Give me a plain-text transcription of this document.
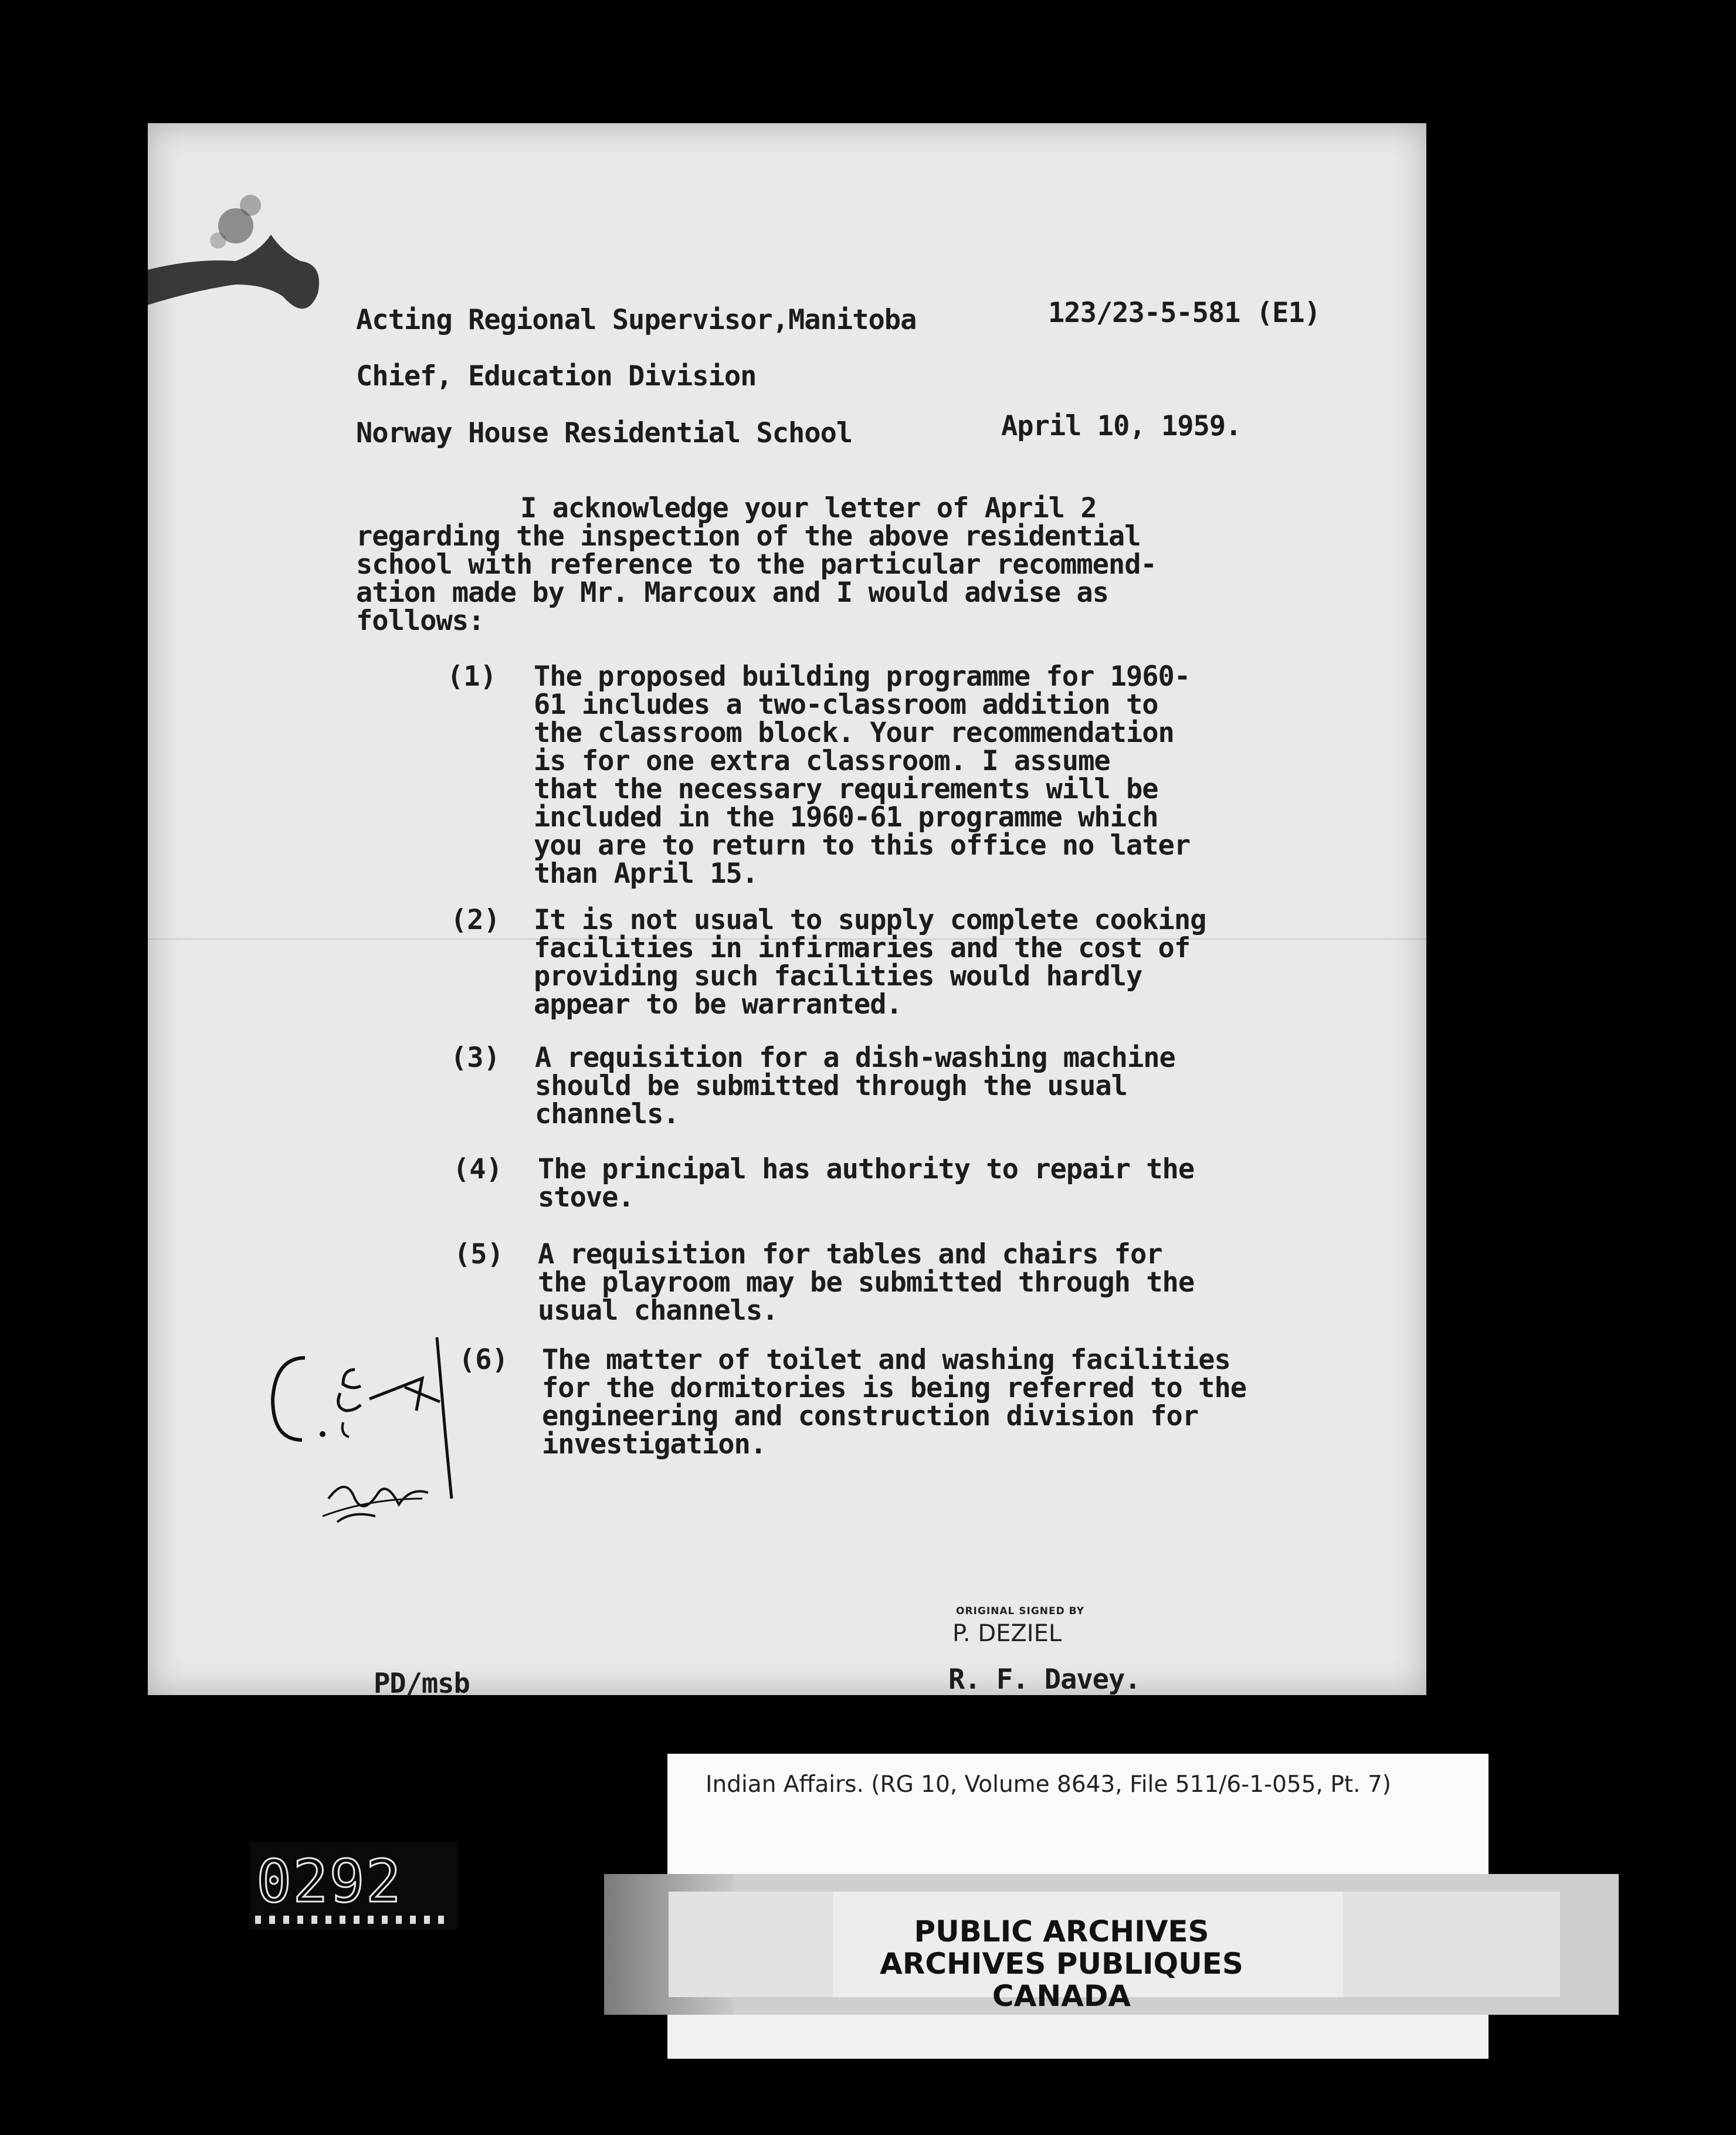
Acting Regional Supervisor,Manitoba	123/23-5-581 (E1)
Chief, Education Division
Norway House Residential School	April 10, 1959.
I acknowledge your letter of April 2
regarding the inspection of the above residential
school with reference to the particular recommend-
ation made by Mr. Marcoux and I would advise as
follows:
(1) The proposed building programme for 1960-
61 includes a two-classroom addition to
the classroom block. Your recommendation
is for one extra classroom. I assume
that the necessary requirements will be
included in the 1960-61 programme which
you are to return to this office no later
than April 15.
(2) It is not usual to supply complete cooking
facilities in infirmaries and the cost of
providing such facilities would hardly
appear to be warranted.
(3) A requisition for a dish-washing machine
should be submitted through the usual
channels.
(4) The principal has authority to repair the
stove.
(5) A requisition for tables and chairs for
the playroom may be submitted through the
usual channels.
(6) The matter of toilet and washing facilities
for the dormitories is being referred to the
engineering and construction division for
investigation.
ORIGINAL SIGNED BY
P. DEZIEL
R. F. Davey.
PD/msb
0292
Indian Affairs. (RG 10, Volume 8643, File 511/6-1-055, Pt. 7)
PUBLIC ARCHIVES
ARCHIVES PUBLIQUES
CANADA
